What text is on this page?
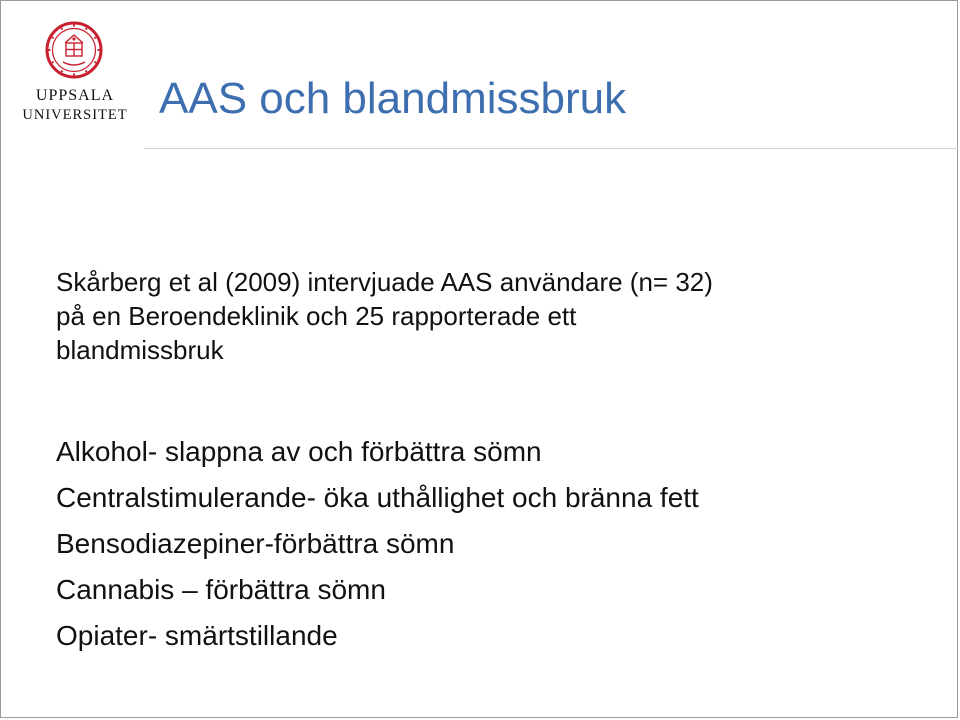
UPPSALA
UNIVERSITET AAS och blandmissbruk

Skårberg et al (2009) intervjuade AAS användare (n= 32)
på en Beroendeklinik och 25 rapporterade ett
blandmissbruk

Alkohol- slappna av och förbättra sömn
Centralstimulerande- öka uthållighet och bränna fett
Bensodiazepiner-förbättra sömn
Cannabis – förbättra sömn
Opiater- smärtstillande
